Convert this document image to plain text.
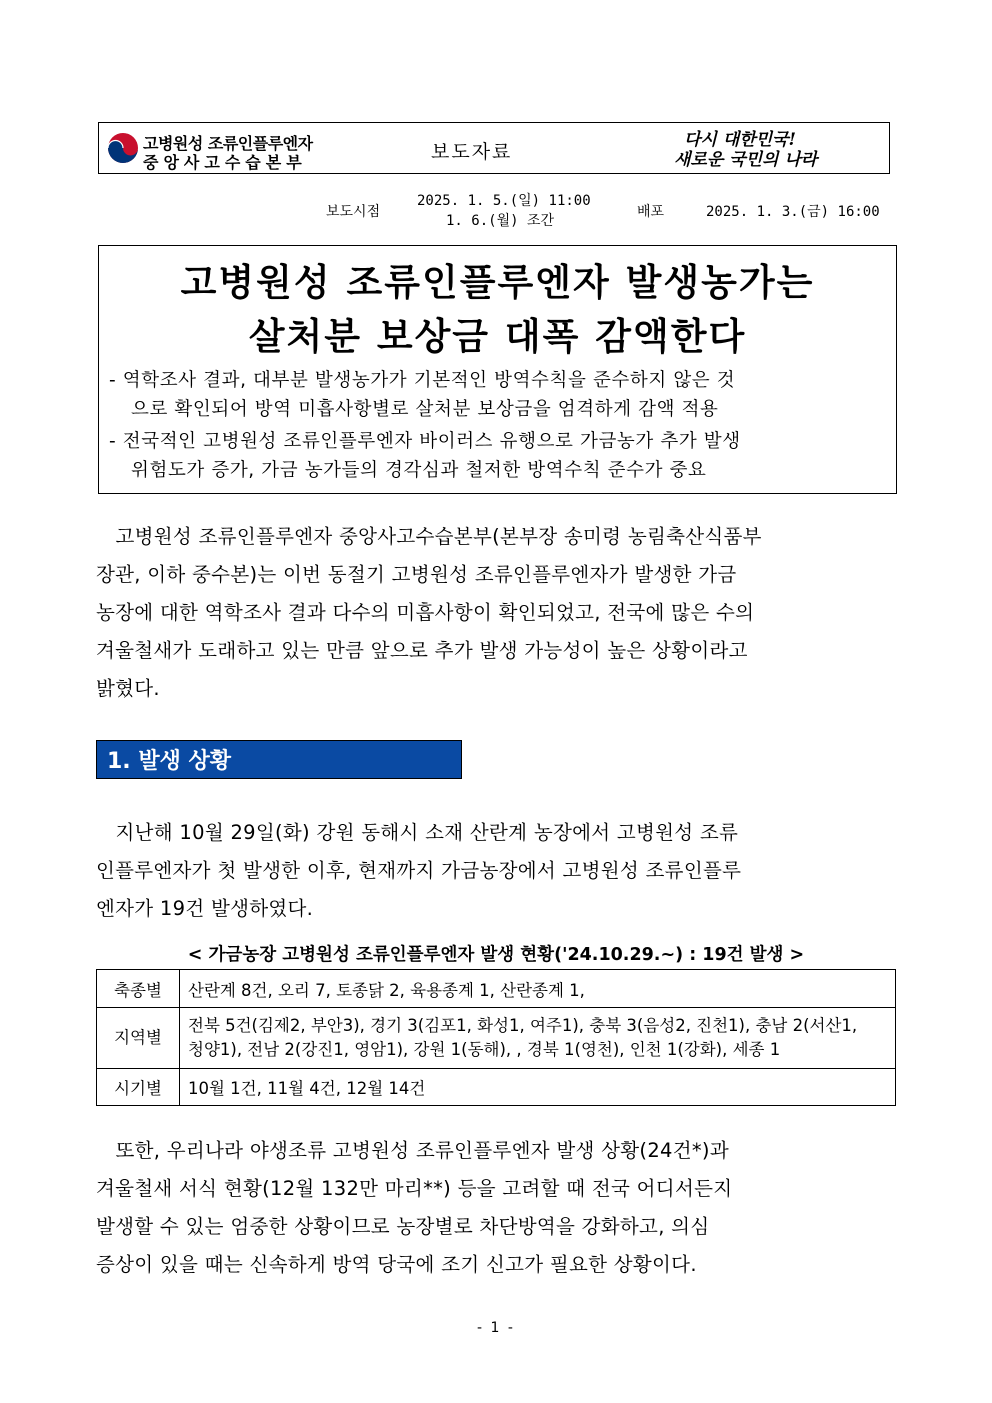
고병원성 조류인플루엔자
중앙사고수습본부	보도자료
다시 대한민국!
새로운 국민의 나라
보도시점
2025. 1. 5.(일) 11:00
1. 6.(월) 조간
배포	2025. 1. 3.(금) 16:00
고병원성 조류인플루엔자 발생농가는
살처분 보상금 대폭 감액한다
- 역학조사 결과, 대부분 발생농가가 기본적인 방역수칙을 준수하지 않은 것
으로 확인되어 방역 미흡사항별로 살처분 보상금을 엄격하게 감액 적용
- 전국적인 고병원성 조류인플루엔자 바이러스 유행으로 가금농가 추가 발생
위험도가 증가, 가금 농가들의 경각심과 철저한 방역수칙 준수가 중요
고병원성 조류인플루엔자 중앙사고수습본부(본부장 송미령 농림축산식품부
장관, 이하 중수본)는 이번 동절기 고병원성 조류인플루엔자가 발생한 가금
농장에 대한 역학조사 결과 다수의 미흡사항이 확인되었고, 전국에 많은 수의
겨울철새가 도래하고 있는 만큼 앞으로 추가 발생 가능성이 높은 상황이라고
밝혔다.
1. 발생 상황
지난해 10월 29일(화) 강원 동해시 소재 산란계 농장에서 고병원성 조류
인플루엔자가 첫 발생한 이후, 현재까지 가금농장에서 고병원성 조류인플루
엔자가 19건 발생하였다.
< 가금농장 고병원성 조류인플루엔자 발생 현황('24.10.29.~) : 19건 발생 >
축종별	산란계 8건, 오리 7, 토종닭 2, 육용종계 1, 산란종계 1,
지역별	전북 5건(김제2, 부안3), 경기 3(김포1, 화성1, 여주1), 충북 3(음성2, 진천1), 충남 2(서산1,
청양1), 전남 2(강진1, 영암1), 강원 1(동해), , 경북 1(영천), 인천 1(강화), 세종 1
시기별	10월 1건, 11월 4건, 12월 14건
또한, 우리나라 야생조류 고병원성 조류인플루엔자 발생 상황(24건*)과
겨울철새 서식 현황(12월 132만 마리**) 등을 고려할 때 전국 어디서든지
발생할 수 있는 엄중한 상황이므로 농장별로 차단방역을 강화하고, 의심
증상이 있을 때는 신속하게 방역 당국에 조기 신고가 필요한 상황이다.
- 1 -
